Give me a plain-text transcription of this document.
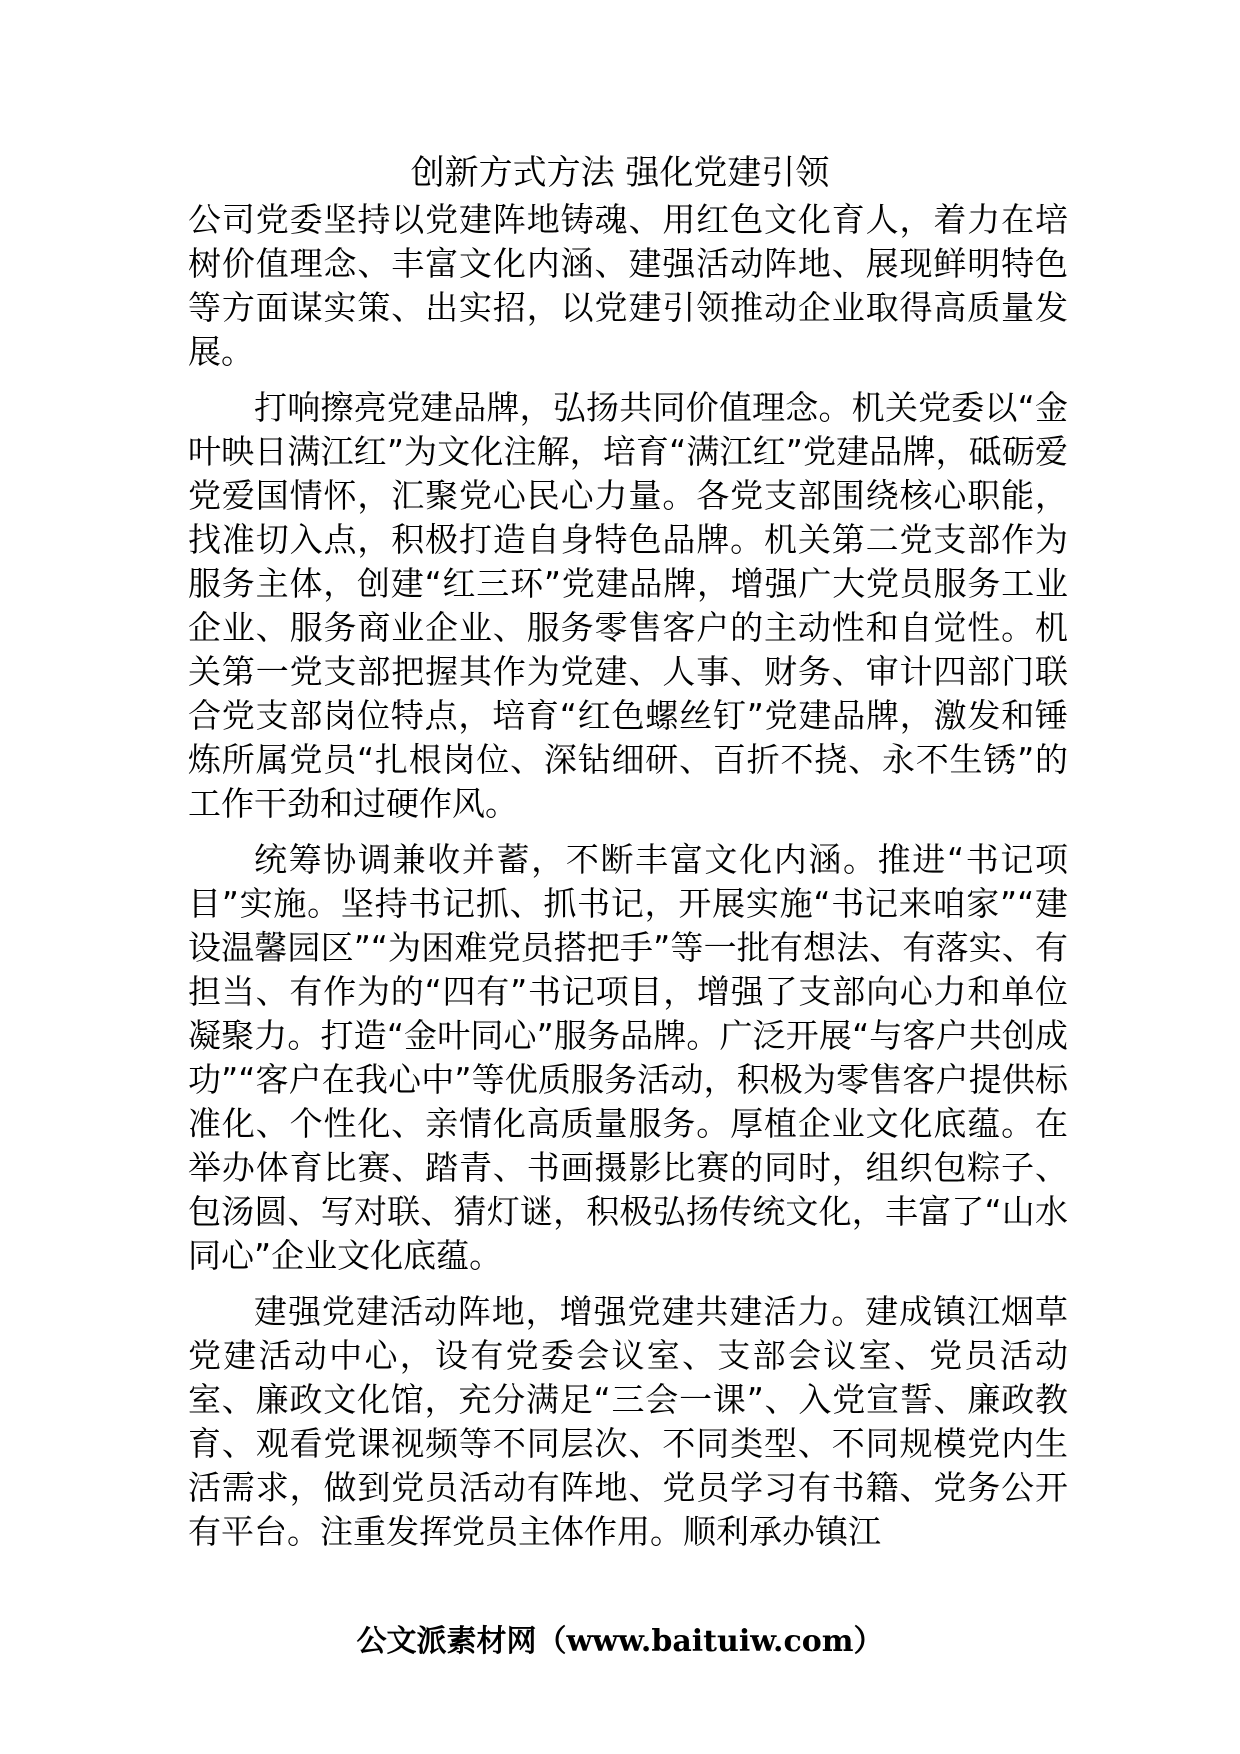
创新方式方法 强化党建引领

公司党委坚持以党建阵地铸魂、用红色文化育人，着力在培树价值理念、丰富文化内涵、建强活动阵地、展现鲜明特色等方面谋实策、出实招，以党建引领推动企业取得高质量发展。

打响擦亮党建品牌，弘扬共同价值理念。机关党委以“金叶映日满江红”为文化注解，培育“满江红”党建品牌，砥砺爱党爱国情怀，汇聚党心民心力量。各党支部围绕核心职能，找准切入点，积极打造自身特色品牌。机关第二党支部作为服务主体，创建“红三环”党建品牌，增强广大党员服务工业企业、服务商业企业、服务零售客户的主动性和自觉性。机关第一党支部把握其作为党建、人事、财务、审计四部门联合党支部岗位特点，培育“红色螺丝钉”党建品牌，激发和锤炼所属党员“扎根岗位、深钻细研、百折不挠、永不生锈”的工作干劲和过硬作风。

统筹协调兼收并蓄，不断丰富文化内涵。推进“书记项目”实施。坚持书记抓、抓书记，开展实施“书记来咱家”“建设温馨园区”“为困难党员搭把手”等一批有想法、有落实、有担当、有作为的“四有”书记项目，增强了支部向心力和单位凝聚力。打造“金叶同心”服务品牌。广泛开展“与客户共创成功”“客户在我心中”等优质服务活动，积极为零售客户提供标准化、个性化、亲情化高质量服务。厚植企业文化底蕴。在举办体育比赛、踏青、书画摄影比赛的同时，组织包粽子、包汤圆、写对联、猜灯谜，积极弘扬传统文化，丰富了“山水同心”企业文化底蕴。

建强党建活动阵地，增强党建共建活力。建成镇江烟草党建活动中心，设有党委会议室、支部会议室、党员活动室、廉政文化馆，充分满足“三会一课”、入党宣誓、廉政教育、观看党课视频等不同层次、不同类型、不同规模党内生活需求，做到党员活动有阵地、党员学习有书籍、党务公开有平台。注重发挥党员主体作用。顺利承办镇江

公文派素材网（www.baituiw.com）
